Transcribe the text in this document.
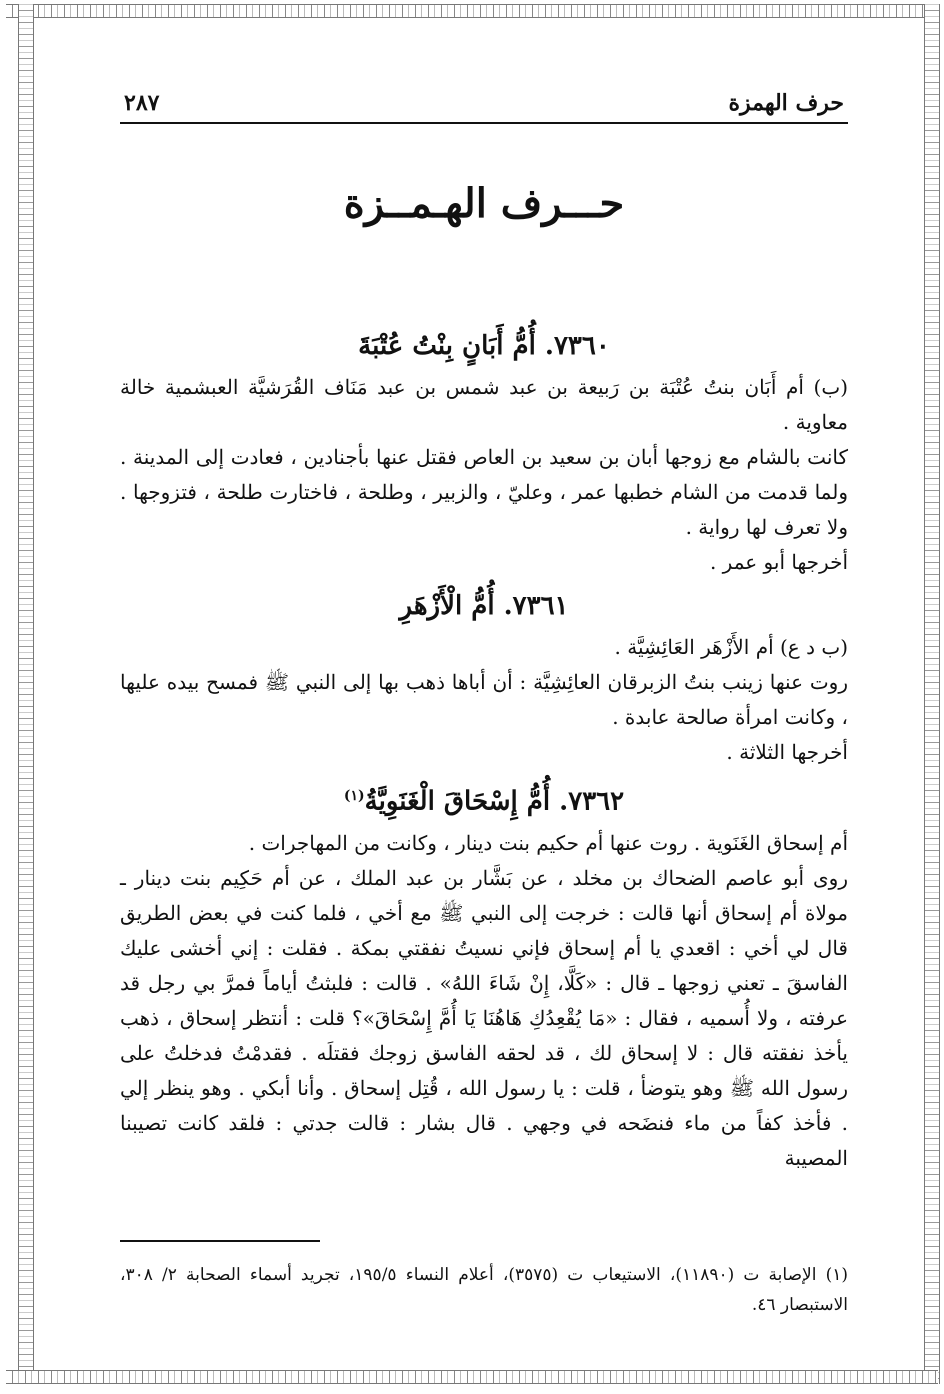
حرف الهمزة
٢٨٧
حـــرف الهـمــزة
٧٣٦٠. أُمُّ أَبَانٍ بِنْتُ عُتْبَةَ

(ب) أم أَبَان بنتُ عُتْبَة بن رَبيعة بن عبد شمس بن عبد مَنَاف القُرَشيَّة العبشمية خالة معاوية .

كانت بالشام مع زوجها أبان بن سعيد بن العاص فقتل عنها بأجنادين ، فعادت إلى المدينة . ولما قدمت من الشام خطبها عمر ، وعليّ ، والزبير ، وطلحة ، فاختارت طلحة ، فتزوجها . ولا تعرف لها رواية .

أخرجها أبو عمر .

٧٣٦١. أُمُّ الْأَزْهَرِ

(ب د ع) أم الأَزْهَر العَائِشِيَّة .

روت عنها زينب بنتُ الزبرقان العائِشِيَّة : أن أباها ذهب بها إلى النبي ﷺ فمسح بيده عليها ، وكانت امرأة صالحة عابدة .

أخرجها الثلاثة .

٧٣٦٢. أُمُّ إِسْحَاقَ الْغَنَوِيَّةُ$^{(١)}$

أم إسحاق الغَنَوية . روت عنها أم حكيم بنت دينار ، وكانت من المهاجرات .

روى أبو عاصم الضحاك بن مخلد ، عن بَشَّار بن عبد الملك ، عن أم حَكِيم بنت دينار ـ مولاة أم إسحاق أنها قالت : خرجت إلى النبي ﷺ مع أخي ، فلما كنت في بعض الطريق قال لي أخي : اقعدي يا أم إسحاق فإني نسيتُ نفقتي بمكة . فقلت : إني أخشى عليك الفاسقَ ـ تعني زوجها ـ قال : «كَلَّا، إِنْ شَاءَ اللهُ» . قالت : فلبثتُ أياماً فمرَّ بي رجل قد عرفته ، ولا أُسميه ، فقال : «مَا يُقْعِدُكِ هَاهُنَا يَا أُمَّ إِسْحَاقَ»؟ قلت : أنتظر إسحاق ، ذهب يأخذ نفقته قال : لا إسحاق لك ، قد لحقه الفاسق زوجك فقتلَه . فقدمْتُ فدخلتُ على رسول الله ﷺ وهو يتوضأ ، قلت : يا رسول الله ، قُتِل إسحاق . وأنا أبكي . وهو ينظر إلي . فأخذ كفاً من ماء فنضَحه في وجهي . قال بشار : قالت جدتي : فلقد كانت تصيبنا المصيبة

(١) الإصابة ت (١١٨٩٠)، الاستيعاب ت (٣٥٧٥)، أعلام النساء ١٩٥/٥، تجريد أسماء الصحابة ٢/ ٣٠٨، الاستبصار ٤٦.
